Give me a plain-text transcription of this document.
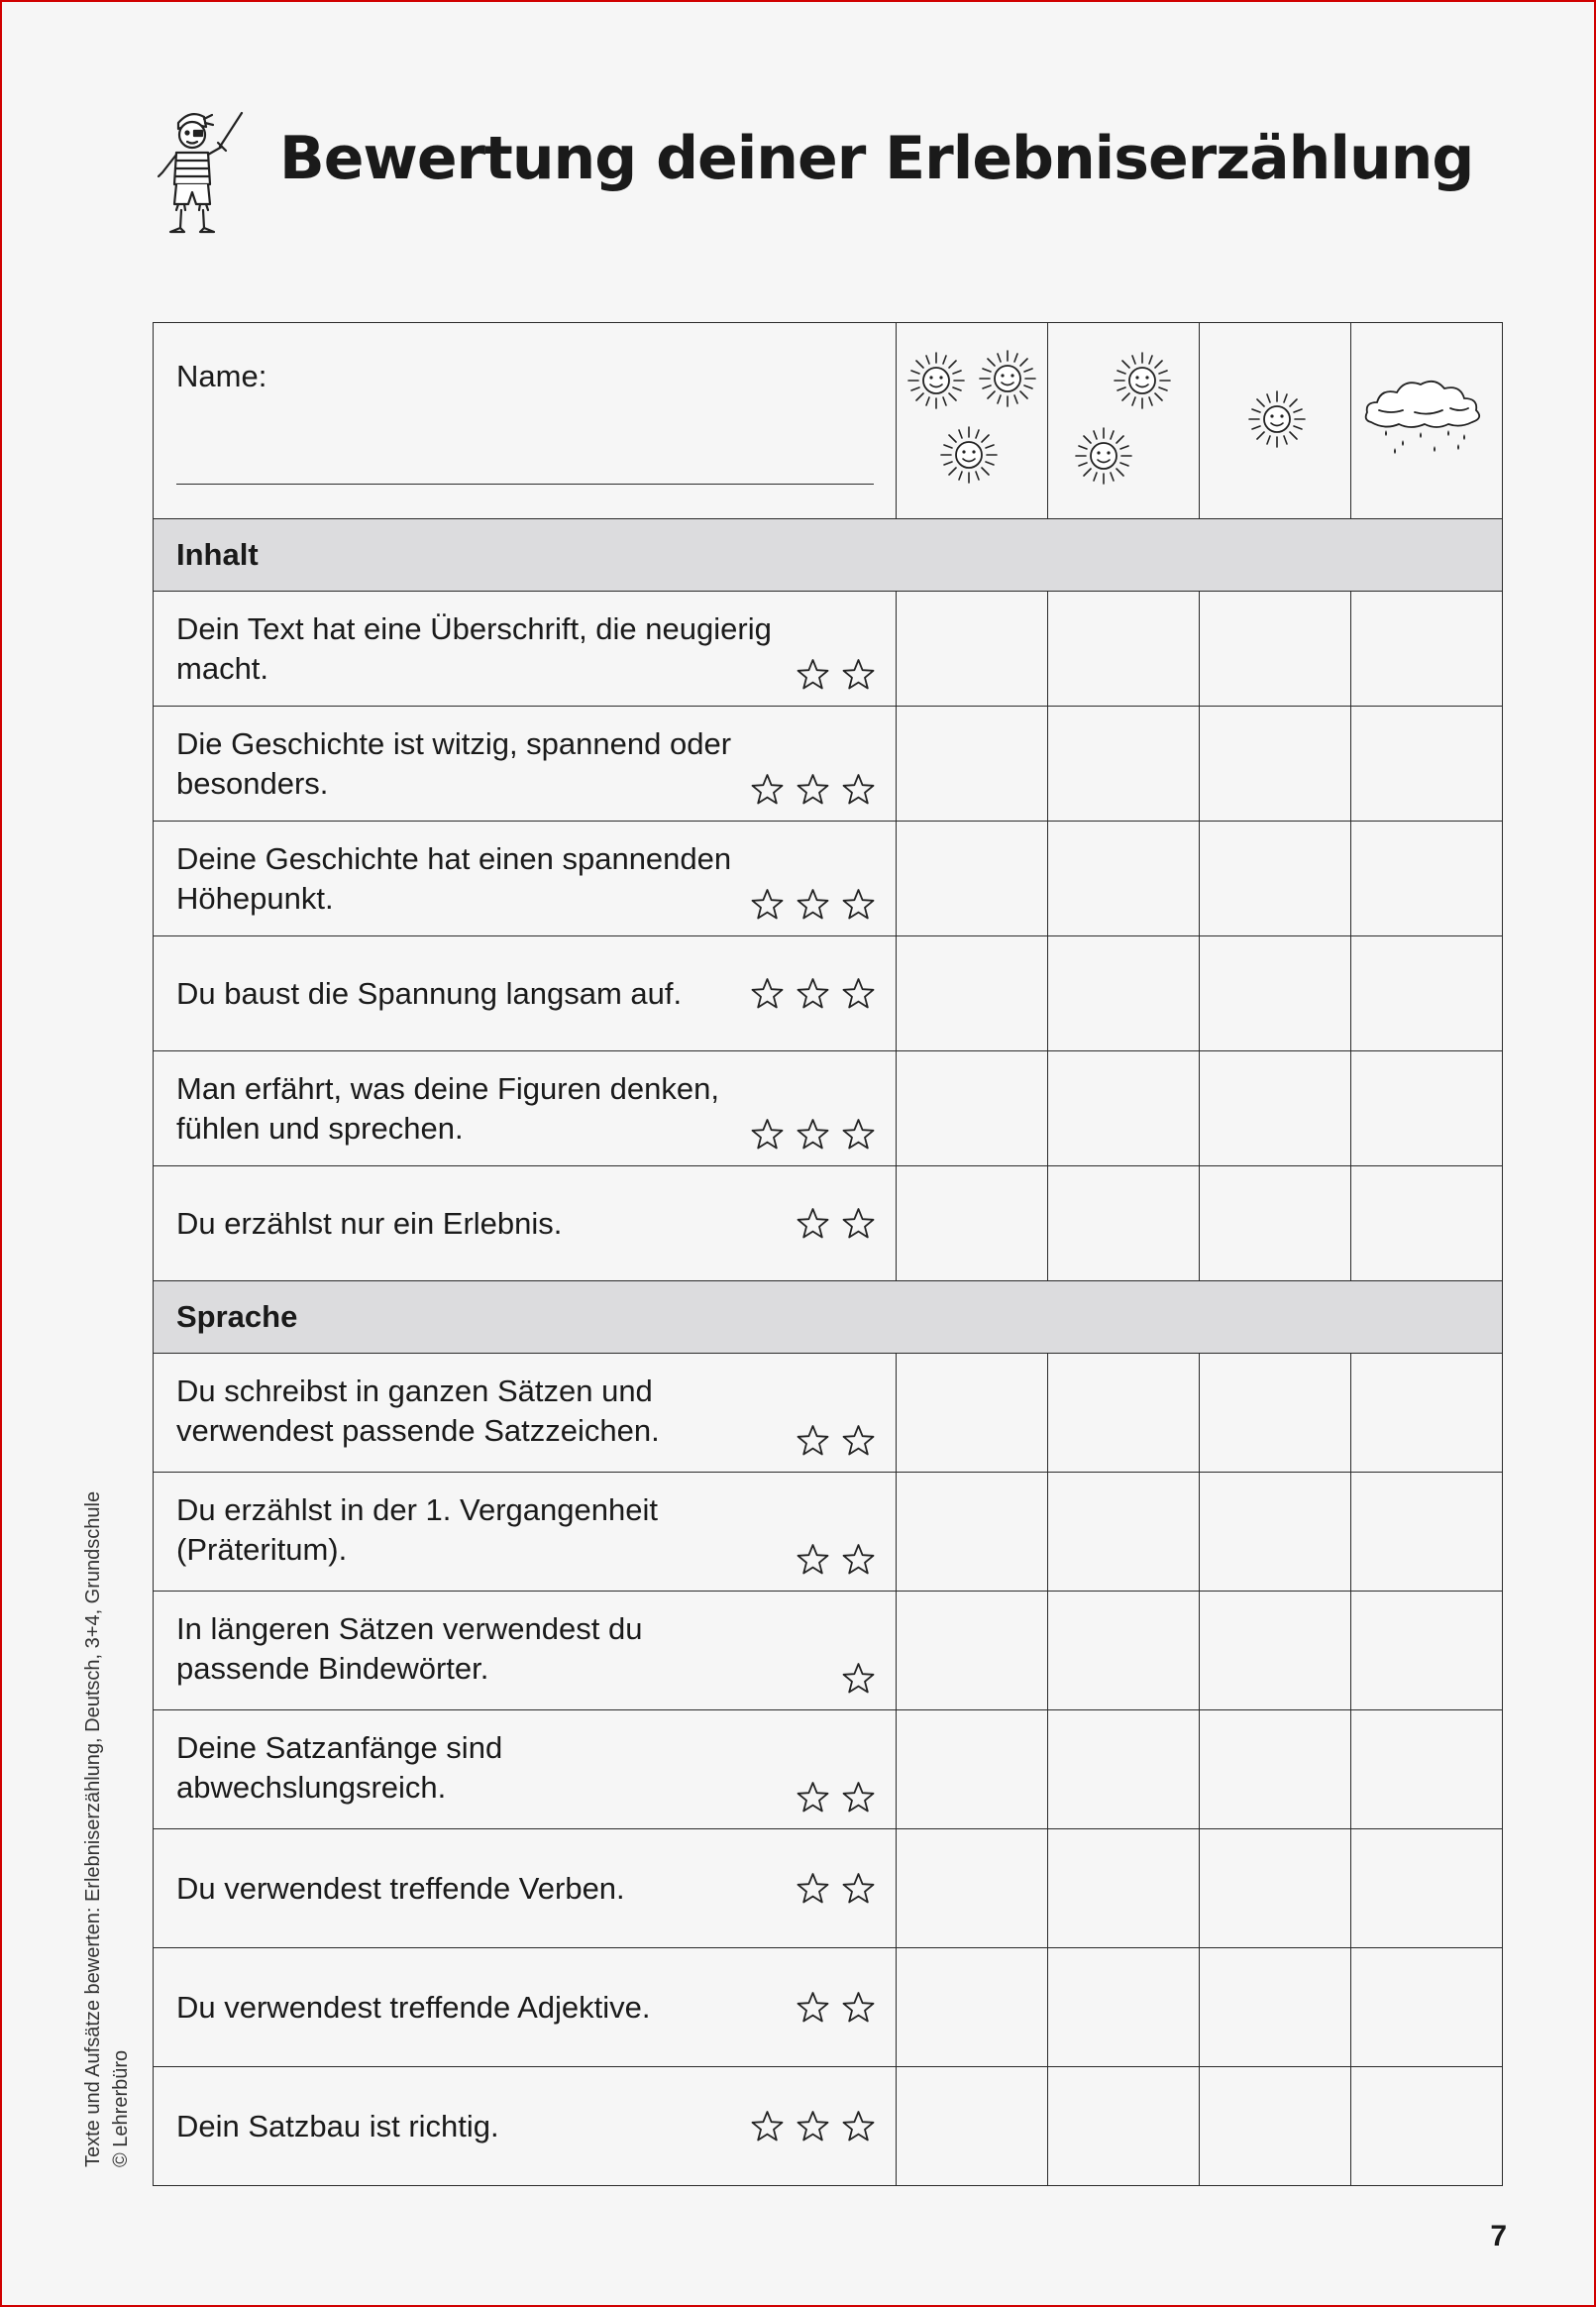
Bewertung deiner Erlebniserzählung
Name:

Inhalt				

Dein Text hat eine Überschrift, die neugierig macht.				

Die Geschichte ist witzig, spannend oder besonders.				

Deine Geschichte hat einen spannenden Höhepunkt.				

Du baust die Spannung langsam auf.				

Man erfährt, was deine Figuren denken, fühlen und sprechen.				

Du erzählst nur ein Erlebnis.				

Sprache				

Du schreibst in ganzen Sätzen und verwendest passende Satzzeichen.				

Du erzählst in der 1. Vergangenheit (Präteritum).				

In längeren Sätzen verwendest du passende Bindewörter.				

Deine Satzanfänge sind abwechslungsreich.				

Du verwendest treffende Verben.				

Du verwendest treffende Adjektive.				

Dein Satzbau ist richtig.				

Texte und Aufsätze bewerten: Erlebniserzählung, Deutsch, 3+4, Grundschule © Lehrerbüro
7
